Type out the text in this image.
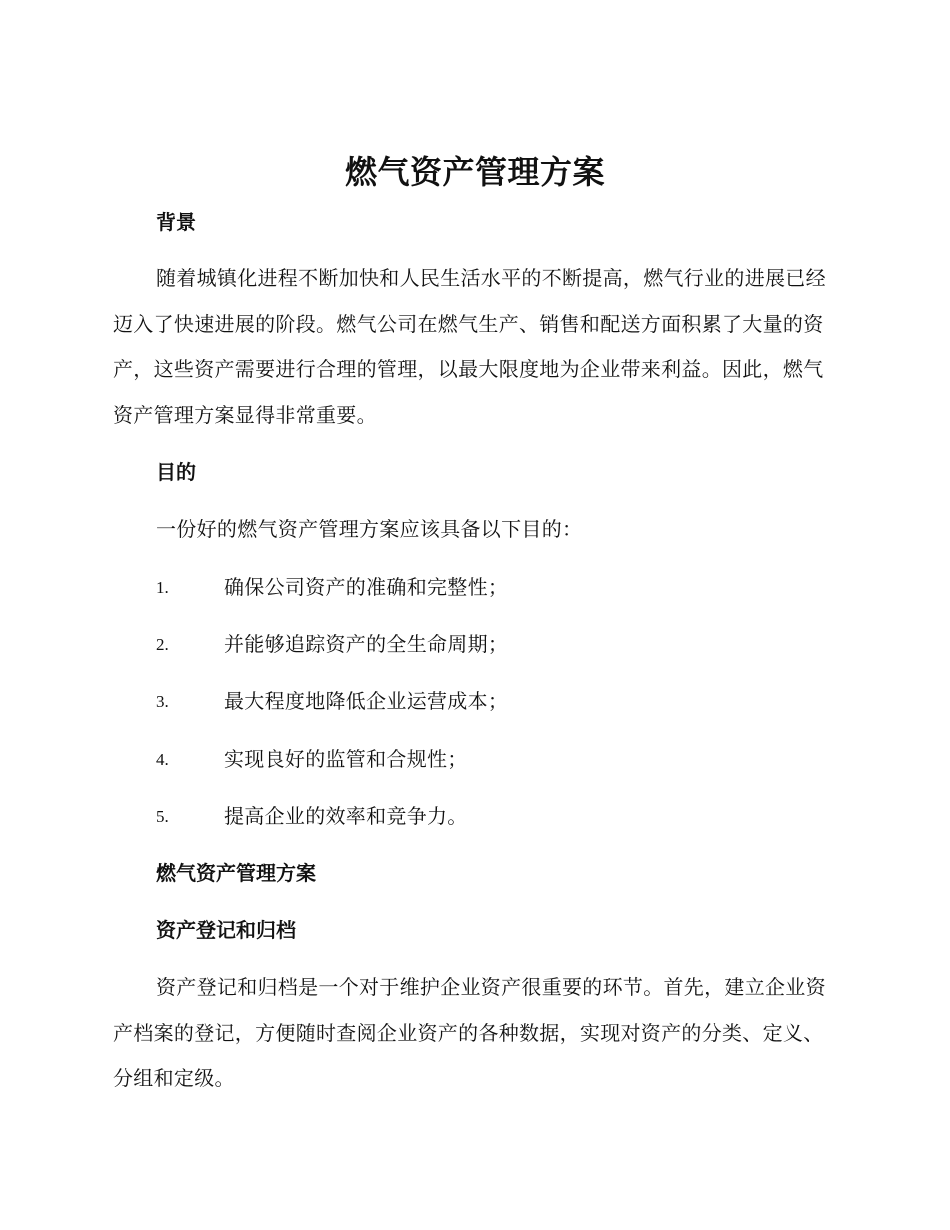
燃气资产管理方案
背景

随着城镇化进程不断加快和人民生活水平的不断提高，燃气行业的进展已经迈入了快速进展的阶段。燃气公司在燃气生产、销售和配送方面积累了大量的资产，这些资产需要进行合理的管理，以最大限度地为企业带来利益。因此，燃气资产管理方案显得非常重要。

目的
一份好的燃气资产管理方案应该具备以下目的：
1.	确保公司资产的准确和完整性；
2.	并能够追踪资产的全生命周期；
3.	最大程度地降低企业运营成本；
4.	实现良好的监管和合规性；
5.	提高企业的效率和竞争力。
燃气资产管理方案
资产登记和归档

资产登记和归档是一个对于维护企业资产很重要的环节。首先，建立企业资产档案的登记，方便随时查阅企业资产的各种数据，实现对资产的分类、定义、分组和定级。
